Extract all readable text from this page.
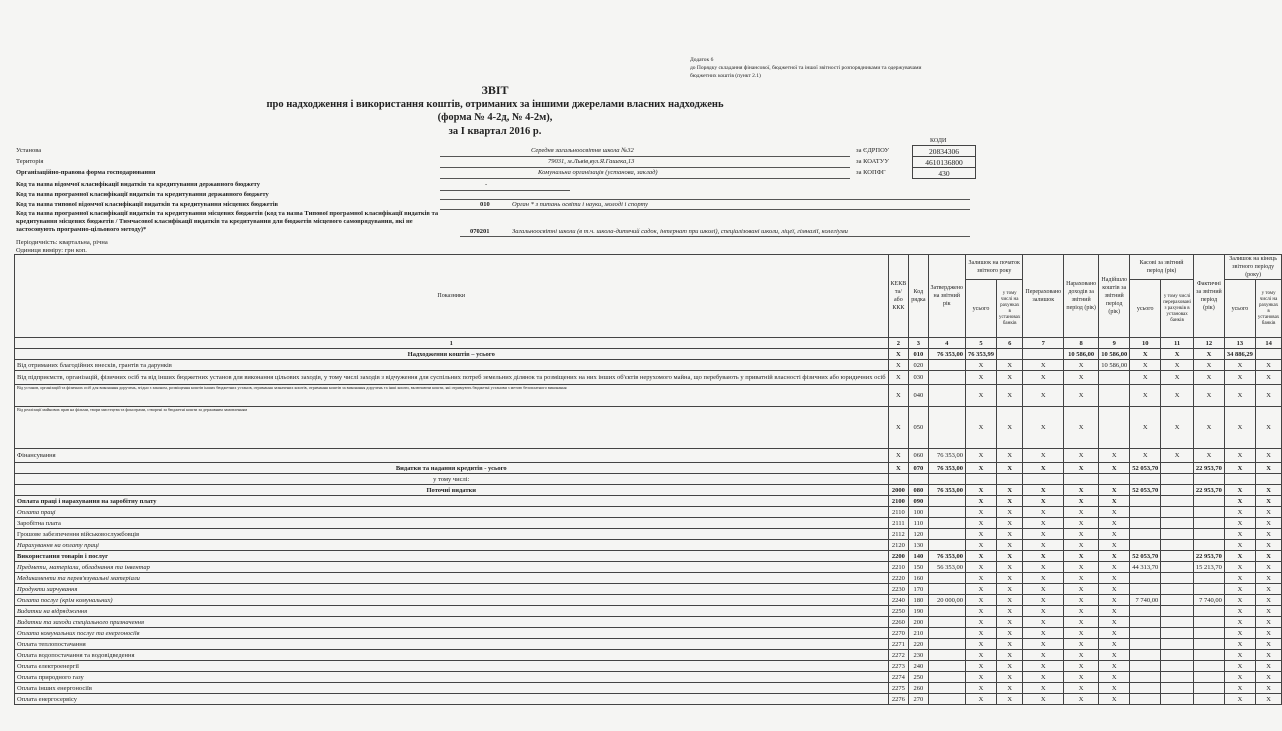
Додаток 6
до Порядку складання фінансової, бюджетної та іншої звітності розпорядниками та одержувачами
бюджетних коштів (пункт 2.1)
ЗВІТ
про надходження і використання коштів, отриманих за іншими джерелами власних надходжень
(форма № 4-2д, № 4-2м),
за І квартал 2016 р.
КОДИ
20834306
4610136800
430
за ЄДРПОУ
за КОАТУУ
за КОПФГ
Установа	Середня загальноосвітня школа №32
Територія	79031, м.Львів,вул.Я.Гашека,13
Організаційно-правова форма господарювання	Комунальна організація (установа, заклад)
Код та назва відомчої класифікації видатків та кредитування державного бюджету	-
Код та назва програмної класифікації видатків та кредитування державного бюджету
Код та назва типової відомчої класифікації видатків та кредитування місцевих бюджетів	010	Орган * з питань освіти і науки, молоді і спорту
Код та назва програмної класифікації видатків та кредитування місцевих бюджетів (код та назва Типової програмної класифікації видатків та кредитування місцевих бюджетів / Тимчасової класифікації видатків та кредитування для бюджетів місцевого самоврядування, які не застосовують програмно-цільового методу)*	070201	Загальноосвітні школи (в т.ч. школа-дитячий садок, інтернат при школі), спеціалізовані школи, ліцеї, гімназії, колегіуми
Періодичність: квартальна, річна
Одиниця виміру: грн коп.
Показники	КЕКВ та/або ККК	Код рядка	Затверджено на звітний рік	Залишок на початок звітного року		Перераховано залишок	Нараховано доходів за звітний період (рік)	Надійшло коштів за звітний період (рік)	Касові за звітний період (рік)		Фактичні за звітний період (рік)	Залишок на кінець звітного періоду (року)	
				усього	у тому числі на рахунках в установах банків				усього	у тому числі перераховані з рахунків в установах банків		усього	у тому числі на рахунках в установах банків
1	2	3	4	5	6	7	8	9	10	11	12	13	14
Надходження коштів – усього	X	010	76 353,00	76 353,99			10 586,00	10 586,00	X	X	X	34 886,29	
Від отриманих благодійних внесків, грантів та дарунків	X	020		X	X	X	X	10 586,00	X	X	X	X	X
Від підприємств, організацій, фізичних осіб та від інших бюджетних установ для виконання цільових заходів, у тому числі заходів з відчуження для суспільних потреб земельних ділянок та розміщених на них інших об'єктів нерухомого майна, що перебувають у приватній власності фізичних або юридичних осіб	X	030		X	X	X	X		X	X	X	X	X
Від установ, організацій та фізичних осіб для виконання доручень, згідно з законом, розміщення коштів інших бюджетних установ, отримання зазначених коштів, отримання коштів за виконання доручень та інші кошти, включаючи кошти, які отримують бюджетні установи з метою безоплатного виконання	X	040		X	X	X	X		X	X	X	X	X
Від реалізації майнових прав на фільми, твори мистецтва та фонограми, створені за бюджетні кошти за державним замовленням	X	050		X	X	X	X		X	X	X	X	X
Фінансування	X	060	76 353,00	X	X	X	X	X	X	X	X	X	X
Видатки та надання кредитів - усього	X	070	76 353,00	X	X	X	X	X	52 053,70		22 953,70	X	X
у тому числі:													
Поточні видатки	2000	080	76 353,00	X	X	X	X	X	52 053,70		22 953,70	X	X
Оплата праці і нарахування на заробітну плату	2100	090		X	X	X	X	X				X	X
Оплата праці	2110	100		X	X	X	X	X				X	X
Заробітна плата	2111	110		X	X	X	X	X				X	X
Грошове забезпечення військовослужбовців	2112	120		X	X	X	X	X				X	X
Нарахування на оплату праці	2120	130		X	X	X	X	X				X	X
Використання товарів і послуг	2200	140	76 353,00	X	X	X	X	X	52 053,70		22 953,70	X	X
Предмети, матеріали, обладнання та інвентар	2210	150	56 353,00	X	X	X	X	X	44 313,70		15 213,70	X	X
Медикаменти та перев'язувальні матеріали	2220	160		X	X	X	X	X				X	X
Продукти харчування	2230	170		X	X	X	X	X				X	X
Оплата послуг (крім комунальних)	2240	180	20 000,00	X	X	X	X	X	7 740,00		7 740,00	X	X
Видатки на відрядження	2250	190		X	X	X	X	X				X	X
Видатки та заходи спеціального призначення	2260	200		X	X	X	X	X				X	X
Оплата комунальних послуг та енергоносіїв	2270	210		X	X	X	X	X				X	X
Оплата теплопостачання	2271	220		X	X	X	X	X				X	X
Оплата водопостачання та водовідведення	2272	230		X	X	X	X	X				X	X
Оплата електроенергії	2273	240		X	X	X	X	X				X	X
Оплата природного газу	2274	250		X	X	X	X	X				X	X
Оплата інших енергоносіїв	2275	260		X	X	X	X	X				X	X
Оплата енергосервісу	2276	270		X	X	X	X	X				X	X
